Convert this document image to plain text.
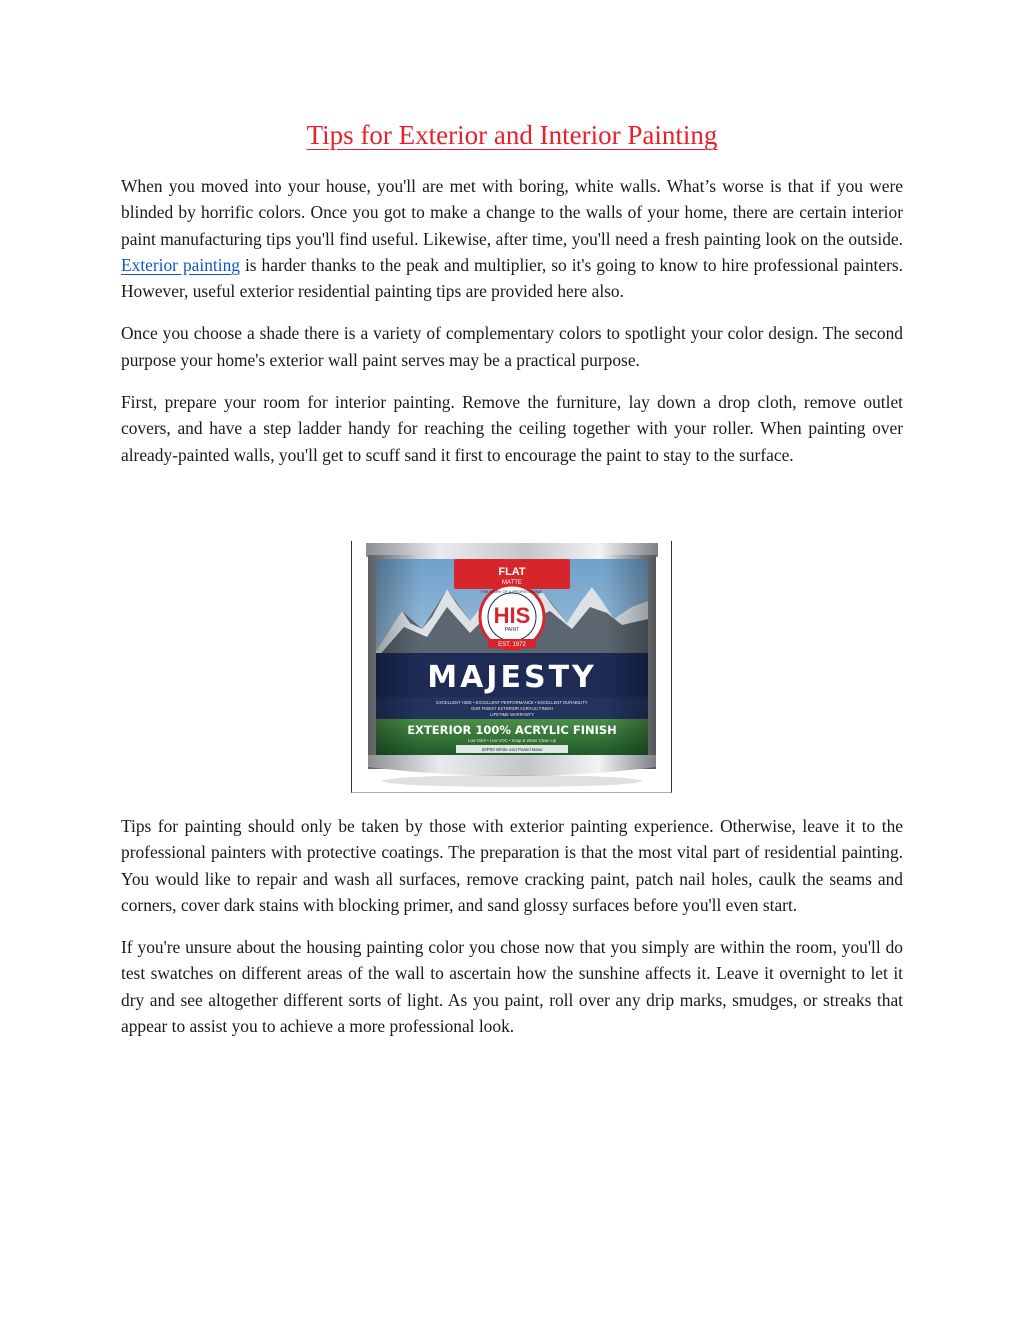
Tips for Exterior and Interior Painting

When you moved into your house, you'll are met with boring, white walls. What’s worse is that if you were blinded by horrific colors. Once you got to make a change to the walls of your home, there are certain interior paint manufacturing tips you'll find useful. Likewise, after time, you'll need a fresh painting look on the outside. Exterior painting is harder thanks to the peak and multiplier, so it's going to know to hire professional painters. However, useful exterior residential painting tips are provided here also.

Once you choose a shade there is a variety of complementary colors to spotlight your color design. The second purpose your home's exterior wall paint serves may be a practical purpose.

First, prepare your room for interior painting. Remove the furniture, lay down a drop cloth, remove outlet covers, and have a step ladder handy for reaching the ceiling together with your roller. When painting over already-painted walls, you'll get to scuff sand it first to encourage the paint to stay to the surface.

Tips for painting should only be taken by those with exterior painting experience. Otherwise, leave it to the professional painters with protective coatings. The preparation is that the most vital part of residential painting. You would like to repair and wash all surfaces, remove cracking paint, patch nail holes, caulk the seams and corners, cover dark stains with blocking primer, and sand glossy surfaces before you'll even start.

If you're unsure about the housing painting color you chose now that you simply are within the room, you'll do test swatches on different areas of the wall to ascertain how the sunshine affects it. Leave it overnight to let it dry and see altogether different sorts of light. As you paint, roll over any drip marks, smudges, or streaks that appear to assist you to achieve a more professional look.
